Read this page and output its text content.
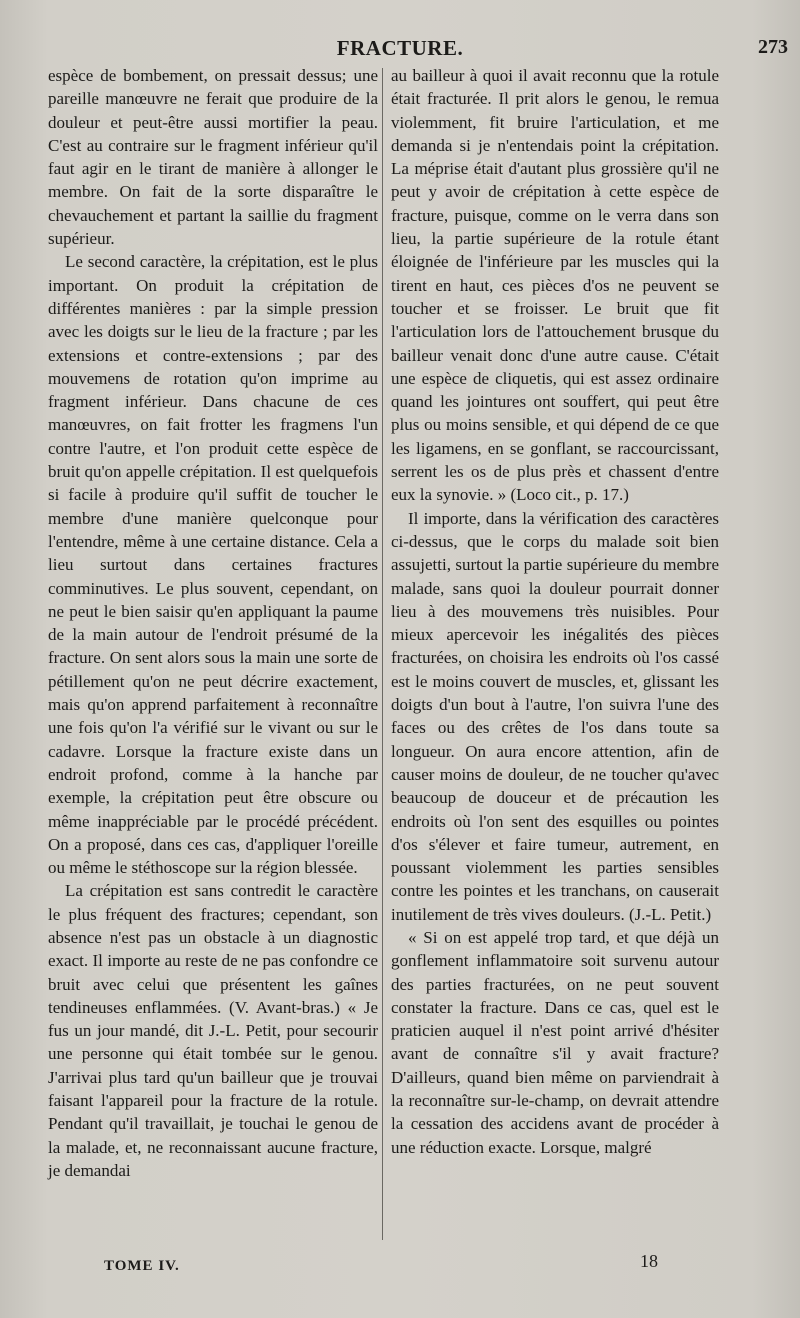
FRACTURE.	273

espèce de bombement, on pressait dessus; une pareille manœuvre ne ferait que produire de la douleur et peut-être aussi mortifier la peau. C'est au contraire sur le fragment inférieur qu'il faut agir en le tirant de manière à allonger le membre. On fait de la sorte disparaître le chevauchement et partant la saillie du fragment supérieur.

Le second caractère, la crépitation, est le plus important. On produit la crépitation de différentes manières : par la simple pression avec les doigts sur le lieu de la fracture ; par les extensions et contre-extensions ; par des mouvemens de rotation qu'on imprime au fragment inférieur. Dans chacune de ces manœuvres, on fait frotter les fragmens l'un contre l'autre, et l'on produit cette espèce de bruit qu'on appelle crépitation. Il est quelquefois si facile à produire qu'il suffit de toucher le membre d'une manière quelconque pour l'entendre, même à une certaine distance. Cela a lieu surtout dans certaines fractures comminutives. Le plus souvent, cependant, on ne peut le bien saisir qu'en appliquant la paume de la main autour de l'endroit présumé de la fracture. On sent alors sous la main une sorte de pétillement qu'on ne peut décrire exactement, mais qu'on apprend parfaitement à reconnaître une fois qu'on l'a vérifié sur le vivant ou sur le cadavre. Lorsque la fracture existe dans un endroit profond, comme à la hanche par exemple, la crépitation peut être obscure ou même inappréciable par le procédé précédent. On a proposé, dans ces cas, d'appliquer l'oreille ou même le stéthoscope sur la région blessée.

La crépitation est sans contredit le caractère le plus fréquent des fractures; cependant, son absence n'est pas un obstacle à un diagnostic exact. Il importe au reste de ne pas confondre ce bruit avec celui que présentent les gaînes tendineuses enflammées. (V. Avant-bras.) « Je fus un jour mandé, dit J.-L. Petit, pour secourir une personne qui était tombée sur le genou. J'arrivai plus tard qu'un bailleur que je trouvai faisant l'appareil pour la fracture de la rotule. Pendant qu'il travaillait, je touchai le genou de la malade, et, ne reconnaissant aucune fracture, je demandai

au bailleur à quoi il avait reconnu que la rotule était fracturée. Il prit alors le genou, le remua violemment, fit bruire l'articulation, et me demanda si je n'entendais point la crépitation. La méprise était d'autant plus grossière qu'il ne peut y avoir de crépitation à cette espèce de fracture, puisque, comme on le verra dans son lieu, la partie supérieure de la rotule étant éloignée de l'inférieure par les muscles qui la tirent en haut, ces pièces d'os ne peuvent se toucher et se froisser. Le bruit que fit l'articulation lors de l'attouchement brusque du bailleur venait donc d'une autre cause. C'était une espèce de cliquetis, qui est assez ordinaire quand les jointures ont souffert, qui peut être plus ou moins sensible, et qui dépend de ce que les ligamens, en se gonflant, se raccourcissant, serrent les os de plus près et chassent d'entre eux la synovie. » (Loco cit., p. 17.)

Il importe, dans la vérification des caractères ci-dessus, que le corps du malade soit bien assujetti, surtout la partie supérieure du membre malade, sans quoi la douleur pourrait donner lieu à des mouvemens très nuisibles. Pour mieux apercevoir les inégalités des pièces fracturées, on choisira les endroits où l'os cassé est le moins couvert de muscles, et, glissant les doigts d'un bout à l'autre, l'on suivra l'une des faces ou des crêtes de l'os dans toute sa longueur. On aura encore attention, afin de causer moins de douleur, de ne toucher qu'avec beaucoup de douceur et de précaution les endroits où l'on sent des esquilles ou pointes d'os s'élever et faire tumeur, autrement, en poussant violemment les parties sensibles contre les pointes et les tranchans, on causerait inutilement de très vives douleurs. (J.-L. Petit.)

« Si on est appelé trop tard, et que déjà un gonflement inflammatoire soit survenu autour des parties fracturées, on ne peut souvent constater la fracture. Dans ce cas, quel est le praticien auquel il n'est point arrivé d'hésiter avant de connaître s'il y avait fracture? D'ailleurs, quand bien même on parviendrait à la reconnaître sur-le-champ, on devrait attendre la cessation des accidens avant de procéder à une réduction exacte. Lorsque, malgré

TOME IV.	18
